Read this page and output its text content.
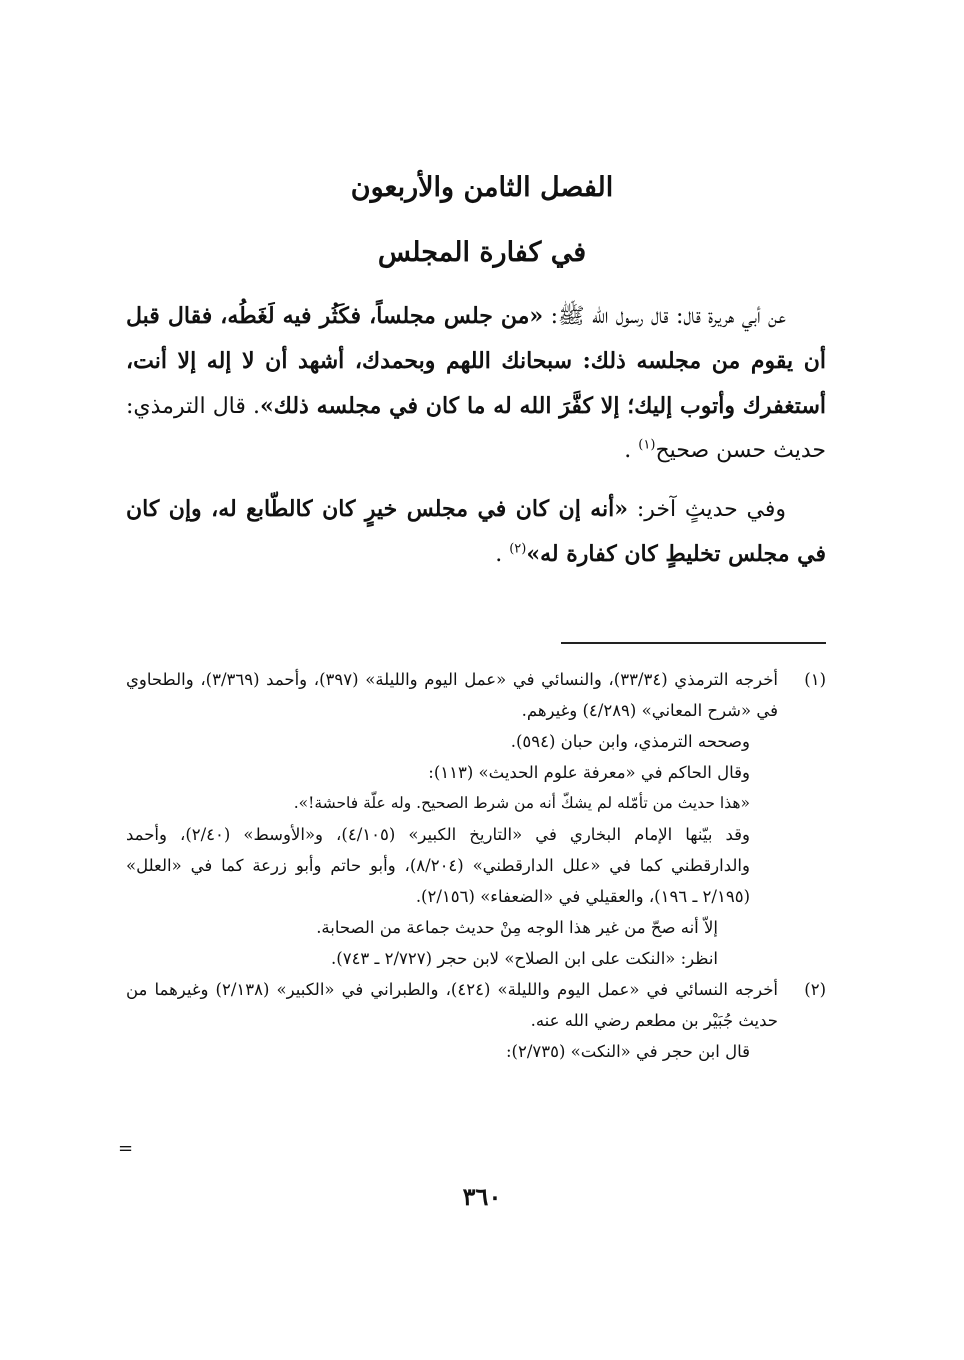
الفصل الثامن والأربعون
في كفارة المجلس

عن أبي هريرة قال: قال رسول الله ﷺ: «من جلس مجلساً، فكَثُر فيه لَغَطُه، فقال قبل أن يقوم من مجلسه ذلك: سبحانك اللهم وبحمدك، أشهد أن لا إله إلا أنت، أستغفرك وأتوب إليك؛ إلا كفَّرَ الله له ما كان في مجلسه ذلك». قال الترمذي: حديث حسن صحيح$^{(١)}$ .

وفي حديثٍ آخر: «أنه إن كان في مجلس خيرٍ كان كالطّابع له، وإن كان في مجلس تخليطٍ كان كفارة له»$^{(٢)}$ .

(١)

أخرجه الترمذي (٣٣/٣٤)، والنسائي في «عمل اليوم والليلة» (٣٩٧)، وأحمد (٣/٣٦٩)، والطحاوي في «شرح المعاني» (٤/٢٨٩) وغيرهم.

وصححه الترمذي، وابن حبان (٥٩٤).

وقال الحاكم في «معرفة علوم الحديث» (١١٣):

«هذا حديث من تأمّله لم يشكّ أنه من شرط الصحيح. وله علّة فاحشة!».

وقد بيّنها الإمام البخاري في «التاريخ الكبير» (٤/١٠٥)، و«الأوسط» (٢/٤٠)، وأحمد والدارقطني كما في «علل الدارقطني» (٨/٢٠٤)، وأبو حاتم وأبو زرعة كما في «العلل» (٢/١٩٥ ـ ١٩٦)، والعقيلي في «الضعفاء» (٢/١٥٦).

إلاّ أنه صحّ من غير هذا الوجه مِنْ حديث جماعة من الصحابة.

انظر: «النكت على ابن الصلاح» لابن حجر (٢/٧٢٧ ـ ٧٤٣).

(٢)

أخرجه النسائي في «عمل اليوم والليلة» (٤٢٤)، والطبراني في «الكبير» (٢/١٣٨) وغيرهما من حديث جُبَيْر بن مطعم رضي الله عنه.

قال ابن حجر في «النكت» (٢/٧٣٥):

=
٣٦٠
